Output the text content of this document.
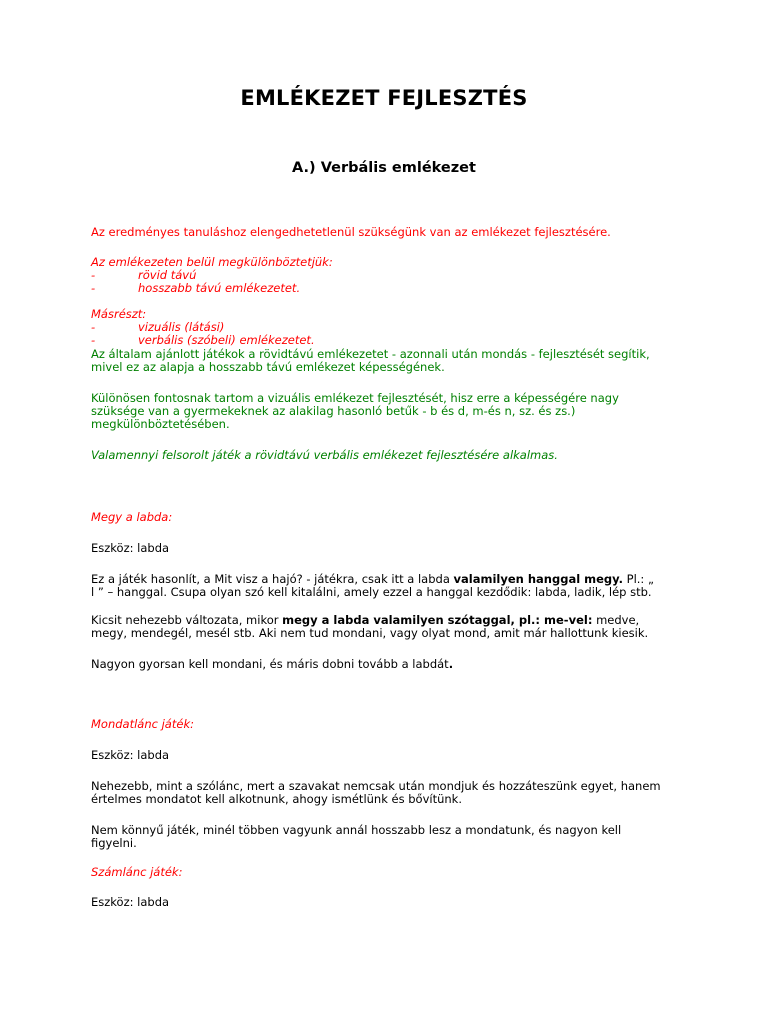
EMLÉKEZET FEJLESZTÉS
A.) Verbális emlékezet
Az eredményes tanuláshoz elengedhetetlenül szükségünk van az emlékezet fejlesztésére.
Az emlékezeten belül megkülönböztetjük:
-	rövid távú
-	hosszabb távú emlékezetet.
Másrészt:
-	vizuális (látási)
-	verbális (szóbeli) emlékezetet.
Az általam ajánlott játékok a rövidtávú emlékezetet - azonnali után mondás - fejlesztését segítik,
mivel ez az alapja a hosszabb távú emlékezet képességének.
Különösen fontosnak tartom a vizuális emlékezet fejlesztését, hisz erre a képességére nagy
szüksége van a gyermekeknek az alakilag hasonló betűk - b és d, m-és n, sz. és zs.)
megkülönböztetésében.
Valamennyi felsorolt játék a rövidtávú verbális emlékezet fejlesztésére alkalmas.
Megy a labda:
Eszköz: labda
Ez a játék hasonlít, a Mit visz a hajó? - játékra, csak itt a labda valamilyen hanggal megy. Pl.: „
l ” – hanggal. Csupa olyan szó kell kitalálni, amely ezzel a hanggal kezdődik: labda, ladik, lép stb.
Kicsit nehezebb változata, mikor megy a labda valamilyen szótaggal, pl.: me-vel: medve,
megy, mendegél, mesél stb. Aki nem tud mondani, vagy olyat mond, amit már hallottunk kiesik.
Nagyon gyorsan kell mondani, és máris dobni tovább a labdát.
Mondatlánc játék:
Eszköz: labda
Nehezebb, mint a szólánc, mert a szavakat nemcsak után mondjuk és hozzáteszünk egyet, hanem
értelmes mondatot kell alkotnunk, ahogy ismétlünk és bővítünk.
Nem könnyű játék, minél többen vagyunk annál hosszabb lesz a mondatunk, és nagyon kell
figyelni.
Számlánc játék:
Eszköz: labda
